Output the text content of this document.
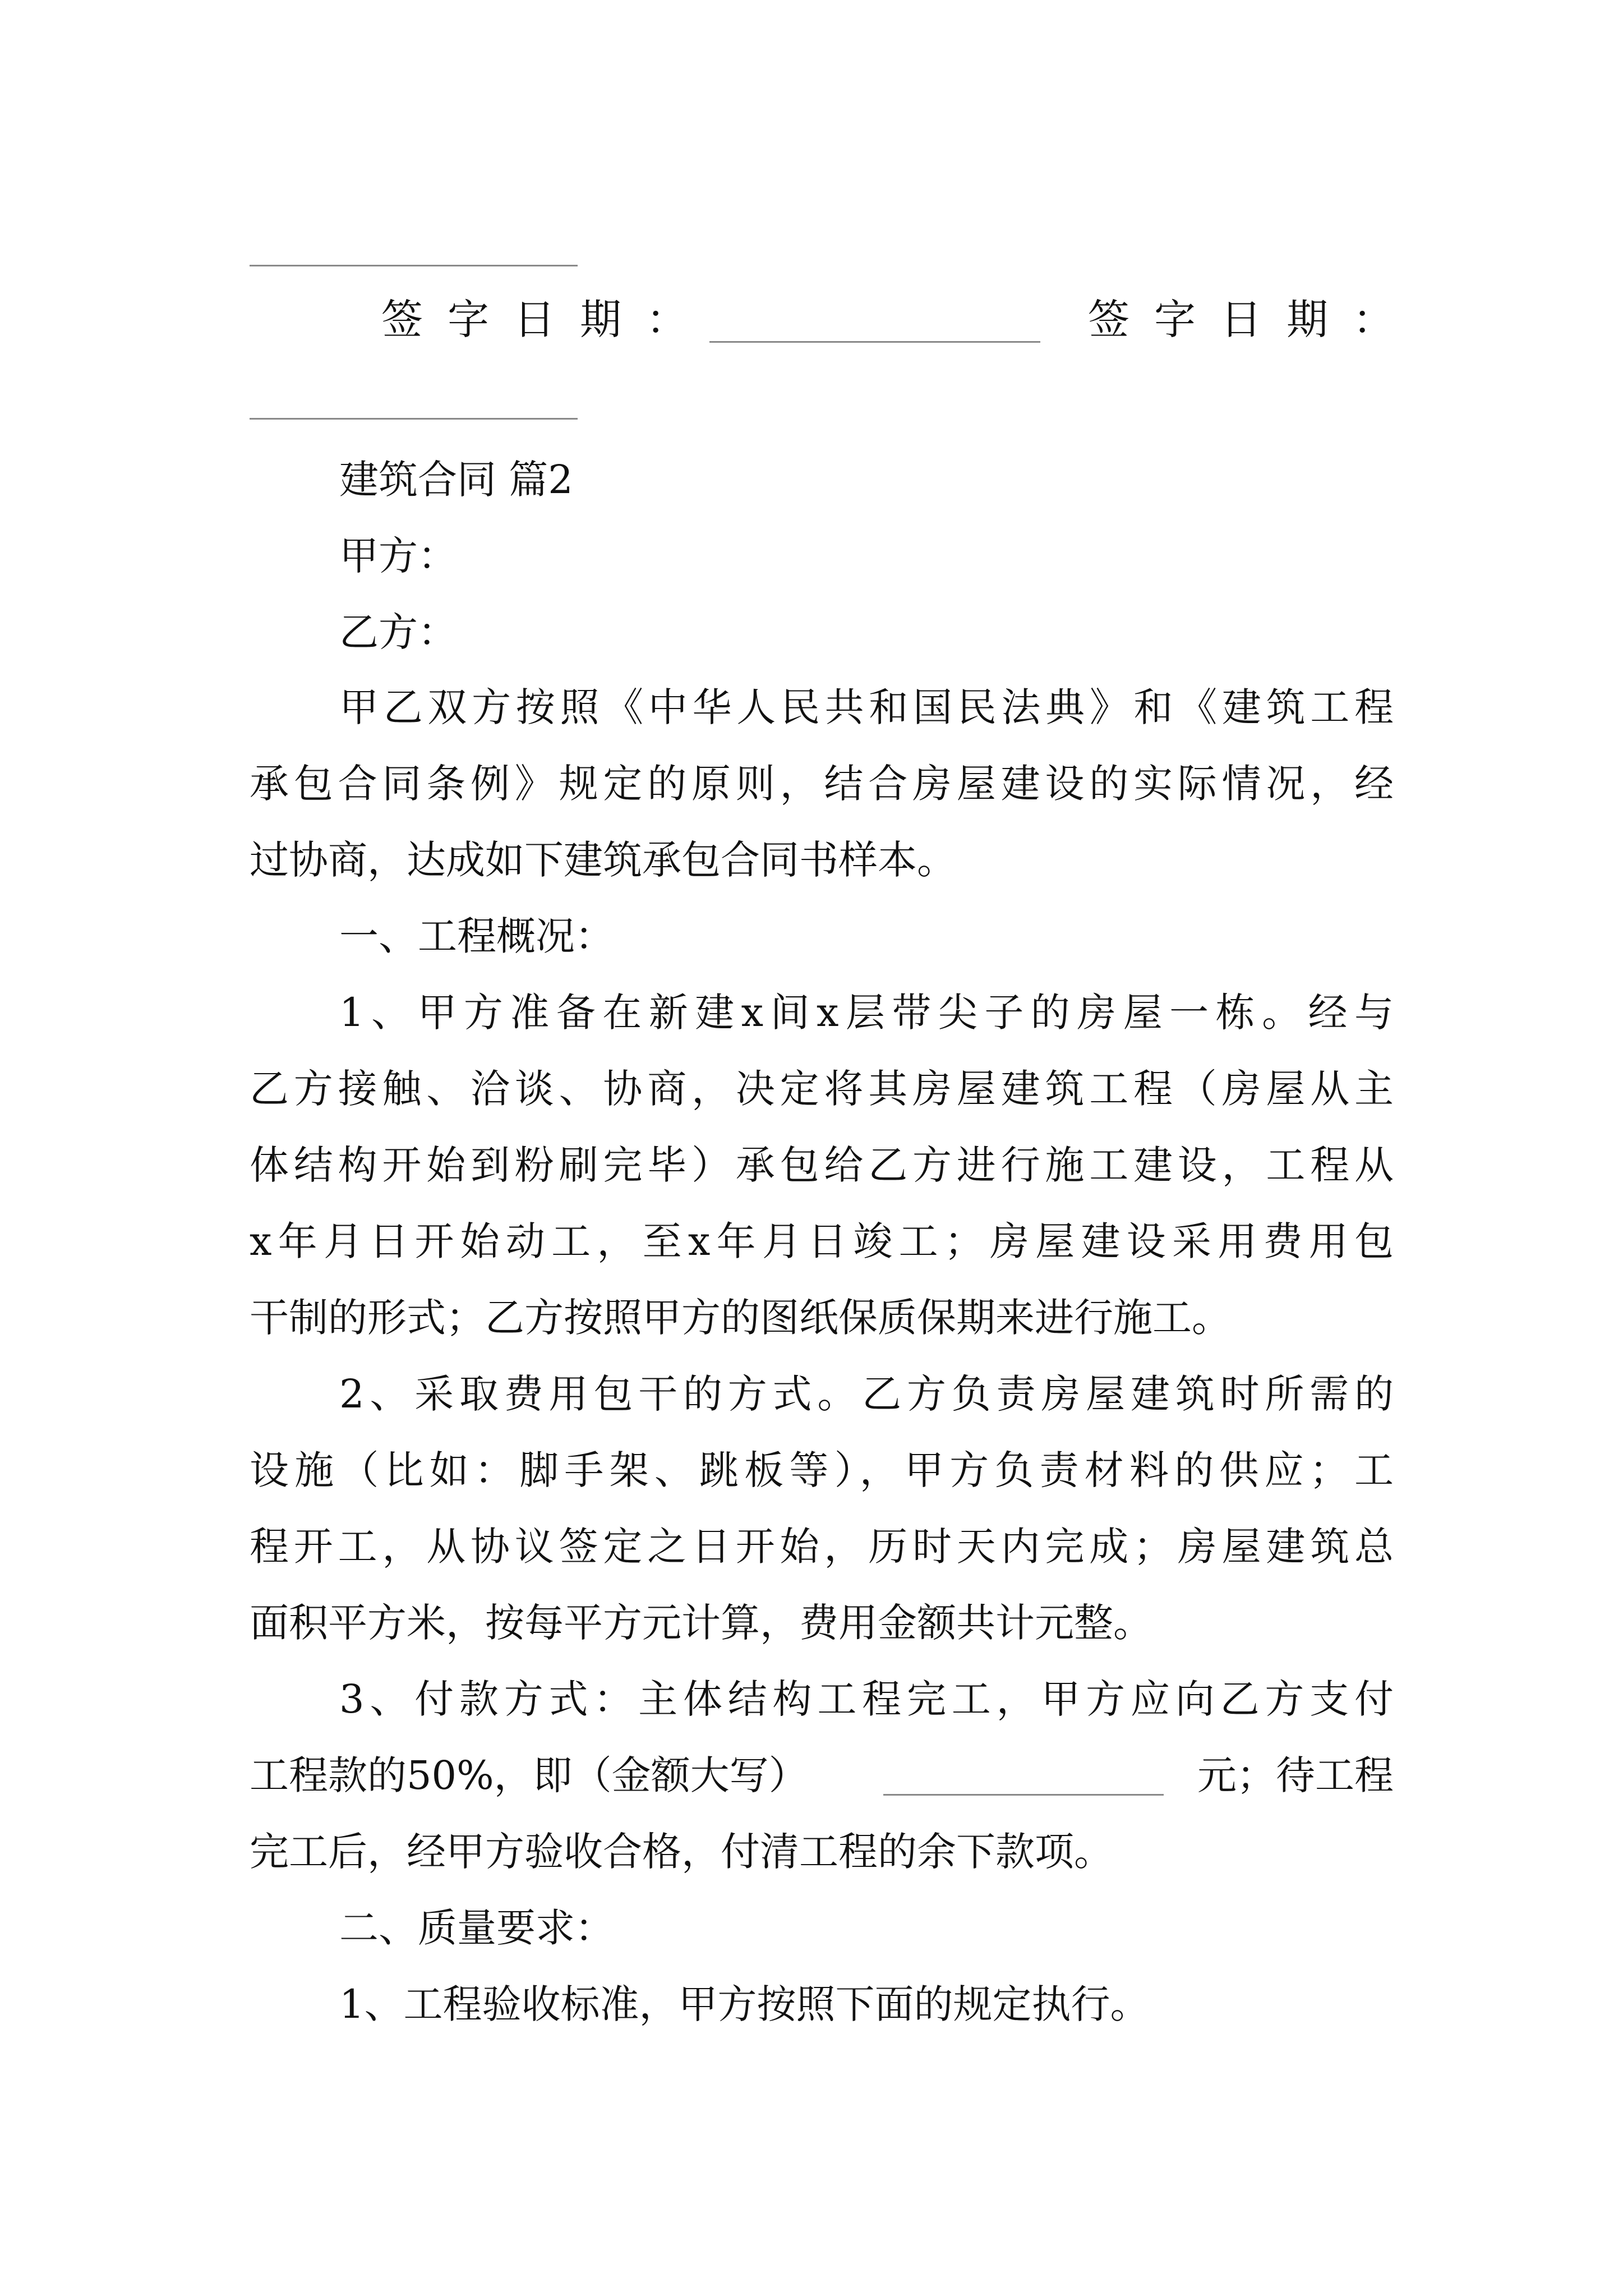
签字日期：	签字日期：
建筑合同 篇2
甲方：
乙方：
甲乙双方按照《中华人民共和国民法典》和《建筑工程
承包合同条例》规定的原则，结合房屋建设的实际情况，经
过协商，达成如下建筑承包合同书样本。
一、工程概况：
1、甲方准备在新建x间x层带尖子的房屋一栋。经与
乙方接触、洽谈、协商，决定将其房屋建筑工程（房屋从主
体结构开始到粉刷完毕）承包给乙方进行施工建设，工程从
x年月日开始动工，至x年月日竣工；房屋建设采用费用包
干制的形式；乙方按照甲方的图纸保质保期来进行施工。
2、采取费用包干的方式。乙方负责房屋建筑时所需的
设施（比如：脚手架、跳板等），甲方负责材料的供应；工
程开工，从协议签定之日开始，历时天内完成；房屋建筑总
面积平方米，按每平方元计算，费用金额共计元整。
3、付款方式：主体结构工程完工，甲方应向乙方支付
工程款的50%，即（金额大写）	元；待工程
完工后，经甲方验收合格，付清工程的余下款项。
二、质量要求：
1、工程验收标准，甲方按照下面的规定执行。
